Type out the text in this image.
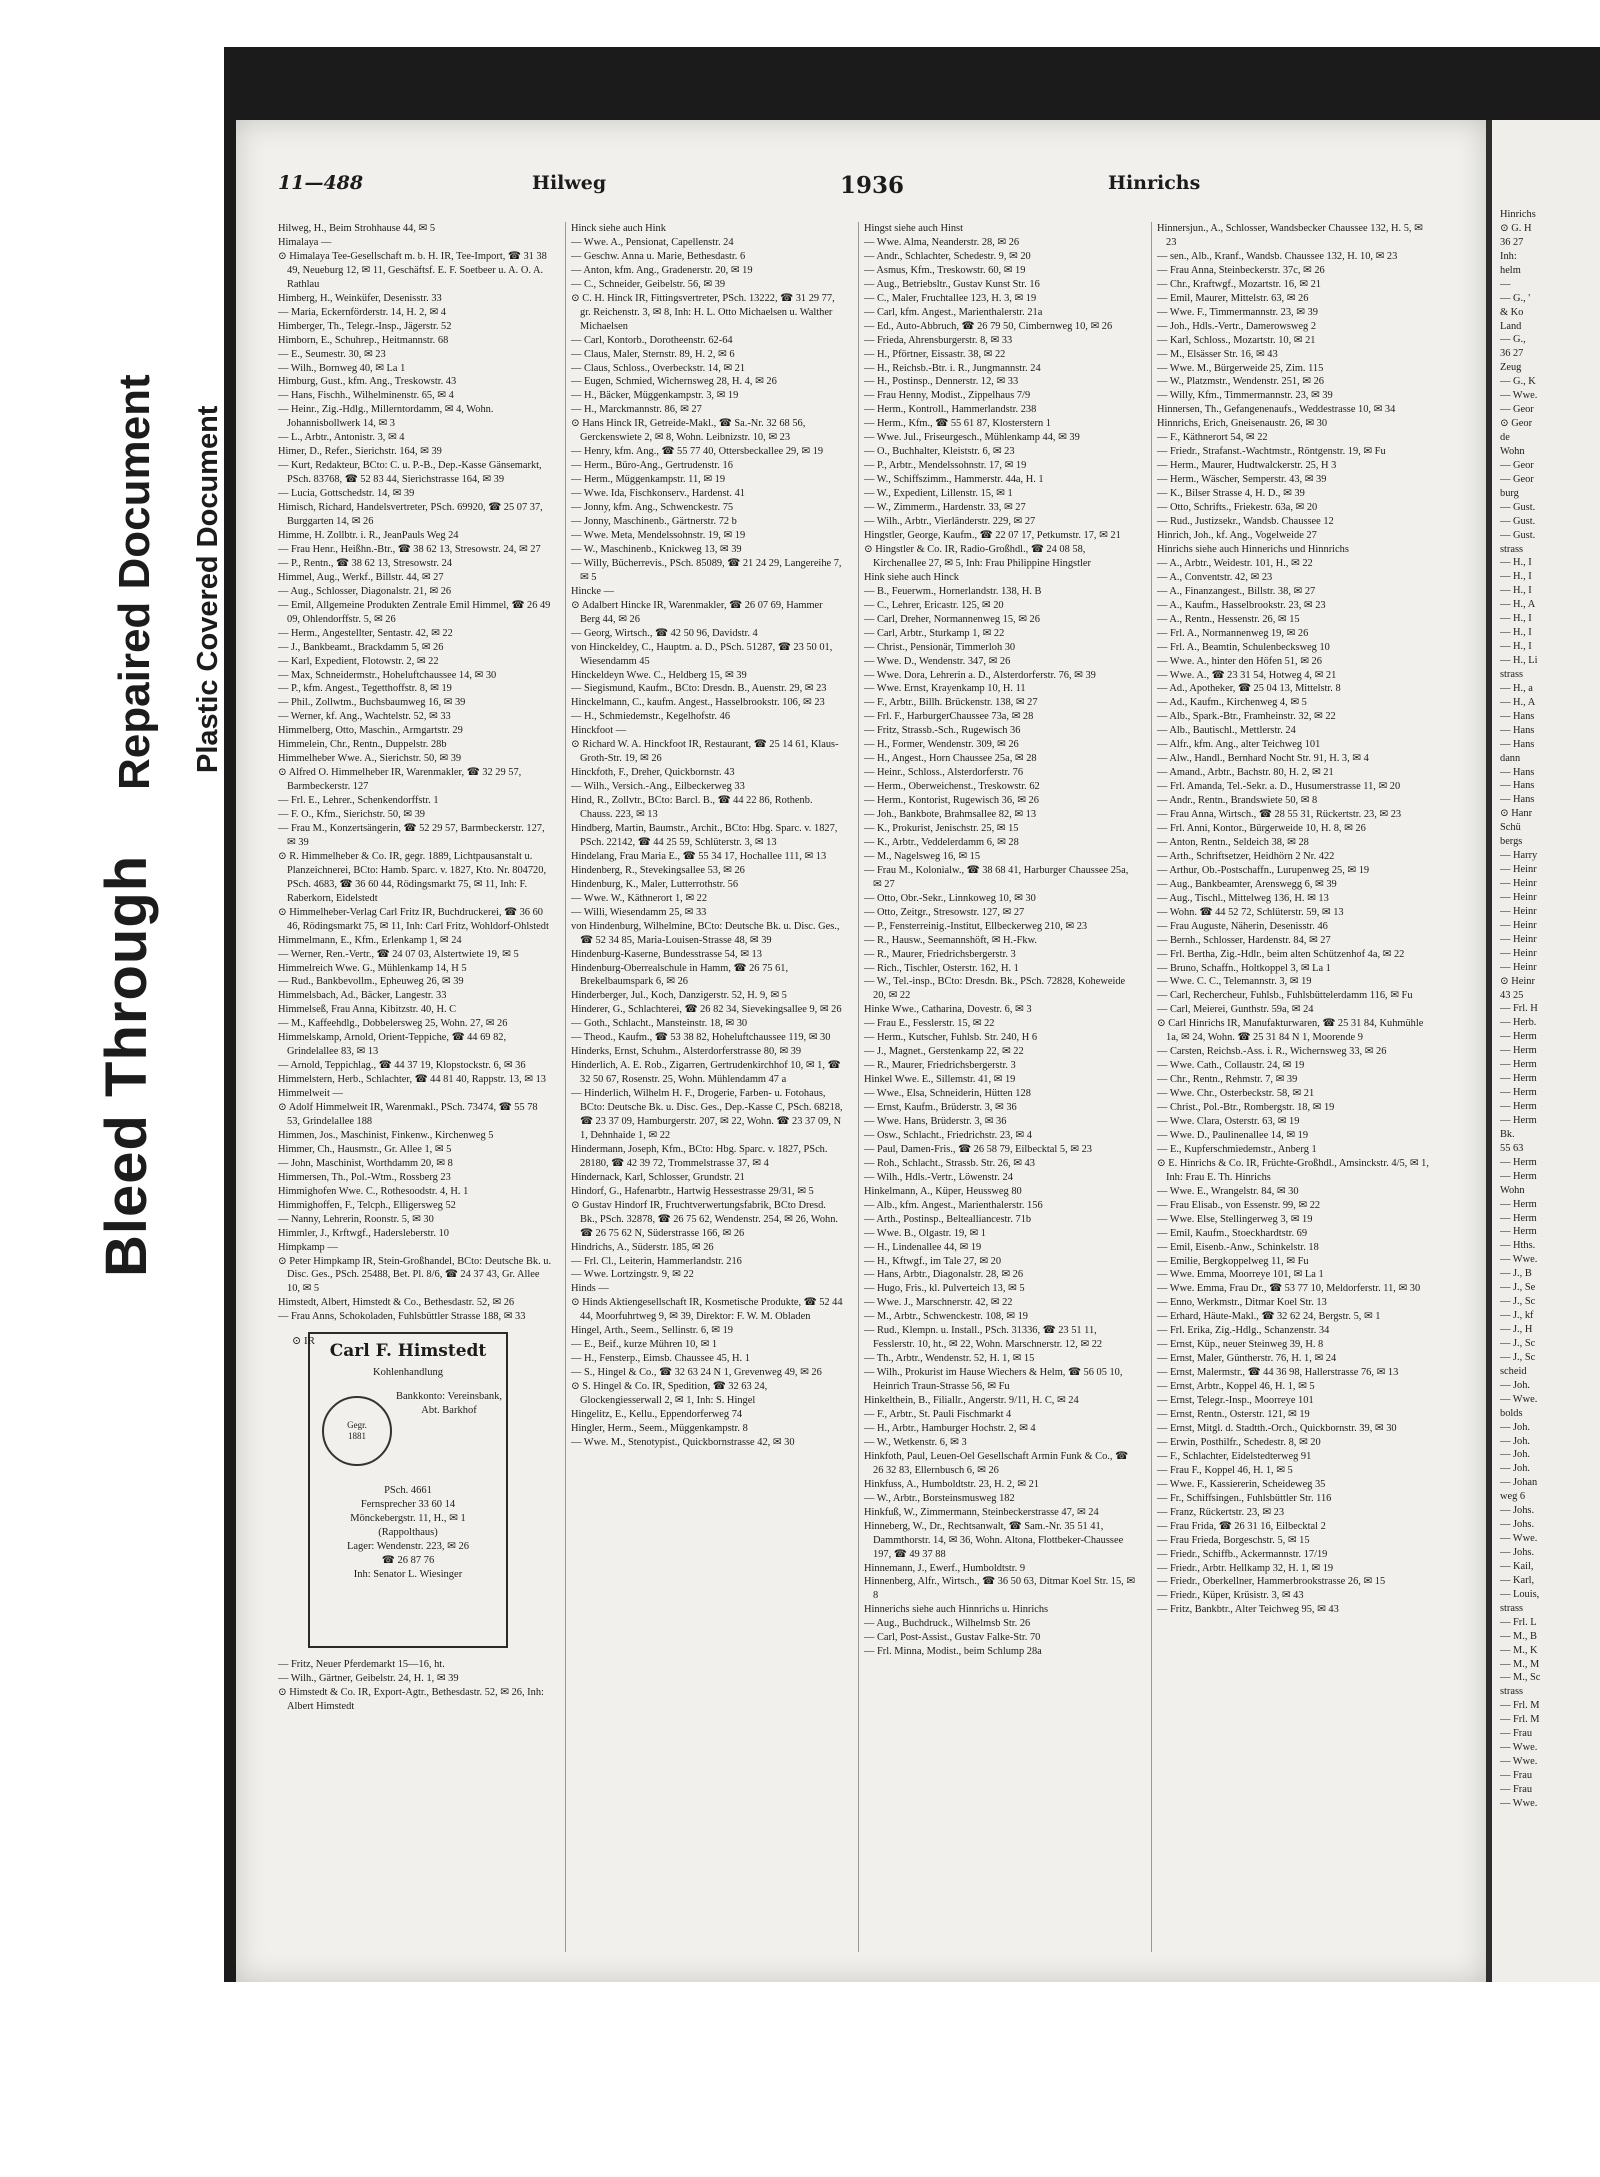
Bleed Through
Repaired Document Plastic Covered Document
11—488	Hilweg	1936	Hinrichs

Hilweg, H., Beim Strohhause 44, ✉ 5

Himalaya —

⊙ Himalaya Tee-Gesellschaft m. b. H. IR, Tee-Import, ☎ 31 38 49, Neueburg 12, ✉ 11, Geschäftsf. E. F. Soetbeer u. A. O. A. Rathlau

Himberg, H., Weinküfer, Desenisstr. 33

— Maria, Eckernförderstr. 14, H. 2, ✉ 4

Himberger, Th., Telegr.-Insp., Jägerstr. 52

Himborn, E., Schuhrep., Heitmannstr. 68

— E., Seumestr. 30, ✉ 23

— Wilh., Bornweg 40, ✉ La 1

Himburg, Gust., kfm. Ang., Treskowstr. 43

— Hans, Fischh., Wilhelminenstr. 65, ✉ 4

— Heinr., Zig.-Hdlg., Millerntordamm, ✉ 4, Wohn. Johannisbollwerk 14, ✉ 3

— L., Arbtr., Antonistr. 3, ✉ 4

Himer, D., Refer., Sierichstr. 164, ✉ 39

— Kurt, Redakteur, BCto: C. u. P.-B., Dep.-Kasse Gänsemarkt, PSch. 83768, ☎ 52 83 44, Sierichstrasse 164, ✉ 39

— Lucia, Gottschedstr. 14, ✉ 39

Himisch, Richard, Handelsvertreter, PSch. 69920, ☎ 25 07 37, Burggarten 14, ✉ 26

Himme, H. Zollbtr. i. R., JeanPauls Weg 24

— Frau Henr., Heißhn.-Btr., ☎ 38 62 13, Stresowstr. 24, ✉ 27

— P., Rentn., ☎ 38 62 13, Stresowstr. 24

Himmel, Aug., Werkf., Billstr. 44, ✉ 27

— Aug., Schlosser, Diagonalstr. 21, ✉ 26

— Emil, Allgemeine Produkten Zentrale Emil Himmel, ☎ 26 49 09, Ohlendorffstr. 5, ✉ 26

— Herm., Angestellter, Sentastr. 42, ✉ 22

— J., Bankbeamt., Brackdamm 5, ✉ 26

— Karl, Expedient, Flotowstr. 2, ✉ 22

— Max, Schneidermstr., Hoheluftchaussee 14, ✉ 30

— P., kfm. Angest., Tegetthoffstr. 8, ✉ 19

— Phil., Zollwtm., Buchsbaumweg 16, ✉ 39

— Werner, kf. Ang., Wachtelstr. 52, ✉ 33

Himmelberg, Otto, Maschin., Armgartstr. 29

Himmelein, Chr., Rentn., Duppelstr. 28b

Himmelheber Wwe. A., Sierichstr. 50, ✉ 39

⊙ Alfred O. Himmelheber IR, Warenmakler, ☎ 32 29 57, Barmbeckerstr. 127

— Frl. E., Lehrer., Schenkendorffstr. 1

— F. O., Kfm., Sierichstr. 50, ✉ 39

— Frau M., Konzertsängerin, ☎ 52 29 57, Barmbeckerstr. 127, ✉ 39

⊙ R. Himmelheber & Co. IR, gegr. 1889, Lichtpausanstalt u. Planzeichnerei, BCto: Hamb. Sparc. v. 1827, Kto. Nr. 804720, PSch. 4683, ☎ 36 60 44, Rödingsmarkt 75, ✉ 11, Inh: F. Raberkorn, Eidelstedt

⊙ Himmelheber-Verlag Carl Fritz IR, Buchdruckerei, ☎ 36 60 46, Rödingsmarkt 75, ✉ 11, Inh: Carl Fritz, Wohldorf-Ohlstedt

Himmelmann, E., Kfm., Erlenkamp 1, ✉ 24

— Werner, Ren.-Vertr., ☎ 24 07 03, Alstertwiete 19, ✉ 5

Himmelreich Wwe. G., Mühlenkamp 14, H 5

— Rud., Bankbevollm., Epheuweg 26, ✉ 39

Himmelsbach, Ad., Bäcker, Langestr. 33

Himmelseß, Frau Anna, Kibitzstr. 40, H. C

— M., Kaffeehdlg., Dobbelersweg 25, Wohn. 27, ✉ 26

Himmelskamp, Arnold, Orient-Teppiche, ☎ 44 69 82, Grindelallee 83, ✉ 13

— Arnold, Teppichlag., ☎ 44 37 19, Klopstockstr. 6, ✉ 36

Himmelstern, Herb., Schlachter, ☎ 44 81 40, Rappstr. 13, ✉ 13

Himmelweit —

⊙ Adolf Himmelweit IR, Warenmakl., PSch. 73474, ☎ 55 78 53, Grindelallee 188

Himmen, Jos., Maschinist, Finkenw., Kirchenweg 5

Himmer, Ch., Hausmstr., Gr. Allee 1, ✉ 5

— John, Maschinist, Worthdamm 20, ✉ 8

Himmersen, Th., Pol.-Wtm., Rossberg 23

Himmighofen Wwe. C., Rothesoodstr. 4, H. 1

Himmighoffen, F., Telcph., Elligersweg 52

— Nanny, Lehrerin, Roonstr. 5, ✉ 30

Himmler, J., Krftwgf., Hadersleberstr. 10

Himpkamp —

⊙ Peter Himpkamp IR, Stein-Großhandel, BCto: Deutsche Bk. u. Disc. Ges., PSch. 25488, Bet. Pl. 8/6, ☎ 24 37 43, Gr. Allee 10, ✉ 5

Himstedt, Albert, Himstedt & Co., Bethesdastr. 52, ✉ 26

— Frau Anns, Schokoladen, Fuhlsbüttler Strasse 188, ✉ 33

⊙ IR Carl F. Himstedt
Kohlenhandlung
Gegr.
1881
Bankkonto: Vereinsbank, Abt. Barkhof
PSch. 4661
Fernsprecher 33 60 14
Mönckebergstr. 11, H., ✉ 1
(Rappolthaus)
Lager: Wendenstr. 223, ✉ 26
☎ 26 87 76
Inh: Senator L. Wiesinger

— Fritz, Neuer Pferdemarkt 15—16, ht.

— Wilh., Gärtner, Geibelstr. 24, H. 1, ✉ 39

⊙ Himstedt & Co. IR, Export-Agtr., Bethesdastr. 52, ✉ 26, Inh: Albert Himstedt

Hinck siehe auch Hink

— Wwe. A., Pensionat, Capellenstr. 24

— Geschw. Anna u. Marie, Bethesdastr. 6

— Anton, kfm. Ang., Gradenerstr. 20, ✉ 19

— C., Schneider, Geibelstr. 56, ✉ 39

⊙ C. H. Hinck IR, Fittingsvertreter, PSch. 13222, ☎ 31 29 77, gr. Reichenstr. 3, ✉ 8, Inh: H. L. Otto Michaelsen u. Walther Michaelsen

— Carl, Kontorb., Dorotheenstr. 62-64

— Claus, Maler, Sternstr. 89, H. 2, ✉ 6

— Claus, Schloss., Overbeckstr. 14, ✉ 21

— Eugen, Schmied, Wichernsweg 28, H. 4, ✉ 26

— H., Bäcker, Müggenkampstr. 3, ✉ 19

— H., Marckmannstr. 86, ✉ 27

⊙ Hans Hinck IR, Getreide-Makl., ☎ Sa.-Nr. 32 68 56, Gerckenswiete 2, ✉ 8, Wohn. Leibnizstr. 10, ✉ 23

— Henry, kfm. Ang., ☎ 55 77 40, Ottersbeckallee 29, ✉ 19

— Herm., Büro-Ang., Gertrudenstr. 16

— Herm., Müggenkampstr. 11, ✉ 19

— Wwe. Ida, Fischkonserv., Hardenst. 41

— Jonny, kfm. Ang., Schwenckestr. 75

— Jonny, Maschinenb., Gärtnerstr. 72 b

— Wwe. Meta, Mendelssohnstr. 19, ✉ 19

— W., Maschinenb., Knickweg 13, ✉ 39

— Willy, Bücherrevis., PSch. 85089, ☎ 21 24 29, Langereihe 7, ✉ 5

Hincke —

⊙ Adalbert Hincke IR, Warenmakler, ☎ 26 07 69, Hammer Berg 44, ✉ 26

— Georg, Wirtsch., ☎ 42 50 96, Davidstr. 4

von Hinckeldey, C., Hauptm. a. D., PSch. 51287, ☎ 23 50 01, Wiesendamm 45

Hinckeldeyn Wwe. C., Heldberg 15, ✉ 39

— Siegismund, Kaufm., BCto: Dresdn. B., Auenstr. 29, ✉ 23

Hinckelmann, C., kaufm. Angest., Hasselbrookstr. 106, ✉ 23

— H., Schmiedemstr., Kegelhofstr. 46

Hinckfoot —

⊙ Richard W. A. Hinckfoot IR, Restaurant, ☎ 25 14 61, Klaus-Groth-Str. 19, ✉ 26

Hinckfoth, F., Dreher, Quickbornstr. 43

— Wilh., Versich.-Ang., Eilbeckerweg 33

Hind, R., Zollvtr., BCto: Barcl. B., ☎ 44 22 86, Rothenb. Chauss. 223, ✉ 13

Hindberg, Martin, Baumstr., Archit., BCto: Hbg. Sparc. v. 1827, PSch. 22142, ☎ 44 25 59, Schlüterstr. 3, ✉ 13

Hindelang, Frau Maria E., ☎ 55 34 17, Hochallee 111, ✉ 13

Hindenberg, R., Stevekingsallee 53, ✉ 26

Hindenburg, K., Maler, Lutterrothstr. 56

— Wwe. W., Käthnerort 1, ✉ 22

— Willi, Wiesendamm 25, ✉ 33

von Hindenburg, Wilhelmine, BCto: Deutsche Bk. u. Disc. Ges., ☎ 52 34 85, Maria-Louisen-Strasse 48, ✉ 39

Hindenburg-Kaserne, Bundesstrasse 54, ✉ 13

Hindenburg-Oberrealschule in Hamm, ☎ 26 75 61, Brekelbaumspark 6, ✉ 26

Hinderberger, Jul., Koch, Danzigerstr. 52, H. 9, ✉ 5

Hinderer, G., Schlachterei, ☎ 26 82 34, Sievekingsallee 9, ✉ 26

— Goth., Schlacht., Mansteinstr. 18, ✉ 30

— Theod., Kaufm., ☎ 53 38 82, Hoheluftchaussee 119, ✉ 30

Hinderks, Ernst, Schuhm., Alsterdorferstrasse 80, ✉ 39

Hinderlich, A. E. Rob., Zigarren, Gertrudenkirchhof 10, ✉ 1, ☎ 32 50 67, Rosenstr. 25, Wohn. Mühlendamm 47 a

— Hinderlich, Wilhelm H. F., Drogerie, Farben- u. Fotohaus, BCto: Deutsche Bk. u. Disc. Ges., Dep.-Kasse C, PSch. 68218, ☎ 23 37 09, Hamburgerstr. 207, ✉ 22, Wohn. ☎ 23 37 09, N 1, Dehnhaide 1, ✉ 22

Hindermann, Joseph, Kfm., BCto: Hbg. Sparc. v. 1827, PSch. 28180, ☎ 42 39 72, Trommelstrasse 37, ✉ 4

Hindernack, Karl, Schlosser, Grundstr. 21

Hindorf, G., Hafenarbtr., Hartwig Hessestrasse 29/31, ✉ 5

⊙ Gustav Hindorf IR, Fruchtverwertungsfabrik, BCto Dresd. Bk., PSch. 32878, ☎ 26 75 62, Wendenstr. 254, ✉ 26, Wohn. ☎ 26 75 62 N, Süderstrasse 166, ✉ 26

Hindrichs, A., Süderstr. 185, ✉ 26

— Frl. Cl., Leiterin, Hammerlandstr. 216

— Wwe. Lortzingstr. 9, ✉ 22

Hinds —

⊙ Hinds Aktiengesellschaft IR, Kosmetische Produkte, ☎ 52 44 44, Moorfuhrtweg 9, ✉ 39, Direktor: F. W. M. Obladen

Hingel, Arth., Seem., Sellinstr. 6, ✉ 19

— E., Beif., kurze Mühren 10, ✉ 1

— H., Fensterp., Eimsb. Chaussee 45, H. 1

— S., Hingel & Co., ☎ 32 63 24 N 1, Grevenweg 49, ✉ 26

⊙ S. Hingel & Co. IR, Spedition, ☎ 32 63 24, Glockengiesserwall 2, ✉ 1, Inh: S. Hingel

Hingelitz, E., Kellu., Eppendorferweg 74

Hingler, Herm., Seem., Müggenkampstr. 8

— Wwe. M., Stenotypist., Quickbornstrasse 42, ✉ 30

Hingst siehe auch Hinst

— Wwe. Alma, Neanderstr. 28, ✉ 26

— Andr., Schlachter, Schedestr. 9, ✉ 20

— Asmus, Kfm., Treskowstr. 60, ✉ 19

— Aug., Betriebsltr., Gustav Kunst Str. 16

— C., Maler, Fruchtallee 123, H. 3, ✉ 19

— Carl, kfm. Angest., Marienthalerstr. 21a

— Ed., Auto-Abbruch, ☎ 26 79 50, Cimbernweg 10, ✉ 26

— Frieda, Ahrensburgerstr. 8, ✉ 33

— H., Pförtner, Eissastr. 38, ✉ 22

— H., Reichsb.-Btr. i. R., Jungmannstr. 24

— H., Postinsp., Dennerstr. 12, ✉ 33

— Frau Henny, Modist., Zippelhaus 7/9

— Herm., Kontroll., Hammerlandstr. 238

— Herm., Kfm., ☎ 55 61 87, Klosterstern 1

— Wwe. Jul., Friseurgesch., Mühlenkamp 44, ✉ 39

— O., Buchhalter, Kleiststr. 6, ✉ 23

— P., Arbtr., Mendelssohnstr. 17, ✉ 19

— W., Schiffszimm., Hammerstr. 44a, H. 1

— W., Expedient, Lillenstr. 15, ✉ 1

— W., Zimmerm., Hardenstr. 33, ✉ 27

— Wilh., Arbtr., Vierländerstr. 229, ✉ 27

Hingstler, George, Kaufm., ☎ 22 07 17, Petkumstr. 17, ✉ 21

⊙ Hingstler & Co. IR, Radio-Großhdl., ☎ 24 08 58, Kirchenallee 27, ✉ 5, Inh: Frau Philippine Hingstler

Hink siehe auch Hinck

— B., Feuerwm., Hornerlandstr. 138, H. B

— C., Lehrer, Ericastr. 125, ✉ 20

— Carl, Dreher, Normannenweg 15, ✉ 26

— Carl, Arbtr., Sturkamp 1, ✉ 22

— Christ., Pensionär, Timmerloh 30

— Wwe. D., Wendenstr. 347, ✉ 26

— Wwe. Dora, Lehrerin a. D., Alsterdorferstr. 76, ✉ 39

— Wwe. Ernst, Krayenkamp 10, H. 11

— F., Arbtr., Billh. Brückenstr. 138, ✉ 27

— Frl. F., HarburgerChaussee 73a, ✉ 28

— Fritz, Strassb.-Sch., Rugewisch 36

— H., Former, Wendenstr. 309, ✉ 26

— H., Angest., Horn Chaussee 25a, ✉ 28

— Heinr., Schloss., Alsterdorferstr. 76

— Herm., Oberweichenst., Treskowstr. 62

— Herm., Kontorist, Rugewisch 36, ✉ 26

— Joh., Bankbote, Brahmsallee 82, ✉ 13

— K., Prokurist, Jenischstr. 25, ✉ 15

— K., Arbtr., Veddelerdamm 6, ✉ 28

— M., Nagelsweg 16, ✉ 15

— Frau M., Kolonialw., ☎ 38 68 41, Harburger Chaussee 25a, ✉ 27

— Otto, Obr.-Sekr., Linnkoweg 10, ✉ 30

— Otto, Zeitgr., Stresowstr. 127, ✉ 27

— P., Fensterreinig.-Institut, Ellbeckerweg 210, ✉ 23

— R., Hausw., Seemannshöft, ✉ H.-Fkw.

— R., Maurer, Friedrichsbergerstr. 3

— Rich., Tischler, Osterstr. 162, H. 1

— W., Tel.-insp., BCto: Dresdn. Bk., PSch. 72828, Koheweide 20, ✉ 22

Hinke Wwe., Catharina, Dovestr. 6, ✉ 3

— Frau E., Fesslerstr. 15, ✉ 22

— Herm., Kutscher, Fuhlsb. Str. 240, H 6

— J., Magnet., Gerstenkamp 22, ✉ 22

— R., Maurer, Friedrichsbergerstr. 3

Hinkel Wwe. E., Sillemstr. 41, ✉ 19

— Wwe., Elsa, Schneiderin, Hütten 128

— Ernst, Kaufm., Brüderstr. 3, ✉ 36

— Wwe. Hans, Brüderstr. 3, ✉ 36

— Osw., Schlacht., Friedrichstr. 23, ✉ 4

— Paul, Damen-Fris., ☎ 26 58 79, Eilbecktal 5, ✉ 23

— Roh., Schlacht., Strassb. Str. 26, ✉ 43

— Wilh., Hdls.-Vertr., Löwenstr. 24

Hinkelmann, A., Küper, Heussweg 80

— Alb., kfm. Angest., Marienthalerstr. 156

— Arth., Postinsp., Beltealliancestr. 71b

— Wwe. B., Olgastr. 19, ✉ 1

— H., Lindenallee 44, ✉ 19

— H., Kftwgf., im Tale 27, ✉ 20

— Hans, Arbtr., Diagonalstr. 28, ✉ 26

— Hugo, Fris., kl. Pulverteich 13, ✉ 5

— Wwe. J., Marschnerstr. 42, ✉ 22

— M., Arbtr., Schwenckestr. 108, ✉ 19

— Rud., Klempn. u. Install., PSch. 31336, ☎ 23 51 11, Fesslerstr. 10, ht., ✉ 22, Wohn. Marschnerstr. 12, ✉ 22

— Th., Arbtr., Wendenstr. 52, H. 1, ✉ 15

— Wilh., Prokurist im Hause Wiechers & Helm, ☎ 56 05 10, Heinrich Traun-Strasse 56, ✉ Fu

Hinkelthein, B., Filiallr., Angerstr. 9/11, H. C, ✉ 24

— F., Arbtr., St. Pauli Fischmarkt 4

— H., Arbtr., Hamburger Hochstr. 2, ✉ 4

— W., Wetkenstr. 6, ✉ 3

Hinkfoth, Paul, Leuen-Oel Gesellschaft Armin Funk & Co., ☎ 26 32 83, Ellernbusch 6, ✉ 26

Hinkfuss, A., Humboldtstr. 23, H. 2, ✉ 21

— W., Arbtr., Borsteinsmusweg 182

Hinkfuß, W., Zimmermann, Steinbeckerstrasse 47, ✉ 24

Hinneberg, W., Dr., Rechtsanwalt, ☎ Sam.-Nr. 35 51 41, Dammthorstr. 14, ✉ 36, Wohn. Altona, Flottbeker-Chaussee 197, ☎ 49 37 88

Hinnemann, J., Ewerf., Humboldtstr. 9

Hinnenberg, Alfr., Wirtsch., ☎ 36 50 63, Ditmar Koel Str. 15, ✉ 8

Hinnerichs siehe auch Hinnrichs u. Hinrichs

— Aug., Buchdruck., Wilhelmsb Str. 26

— Carl, Post-Assist., Gustav Falke-Str. 70

— Frl. Minna, Modist., beim Schlump 28a

Hinnersjun., A., Schlosser, Wandsbecker Chaussee 132, H. 5, ✉ 23

— sen., Alb., Kranf., Wandsb. Chaussee 132, H. 10, ✉ 23

— Frau Anna, Steinbeckerstr. 37c, ✉ 26

— Chr., Kraftwgf., Mozartstr. 16, ✉ 21

— Emil, Maurer, Mittelstr. 63, ✉ 26

— Wwe. F., Timmermannstr. 23, ✉ 39

— Joh., Hdls.-Vertr., Damerowsweg 2

— Karl, Schloss., Mozartstr. 10, ✉ 21

— M., Elsässer Str. 16, ✉ 43

— Wwe. M., Bürgerweide 25, Zim. 115

— W., Platzmstr., Wendenstr. 251, ✉ 26

— Willy, Kfm., Timmermannstr. 23, ✉ 39

Hinnersen, Th., Gefangenenaufs., Weddestrasse 10, ✉ 34

Hinnrichs, Erich, Gneisenaustr. 26, ✉ 30

— F., Käthnerort 54, ✉ 22

— Friedr., Strafanst.-Wachtmstr., Röntgenstr. 19, ✉ Fu

— Herm., Maurer, Hudtwalckerstr. 25, H 3

— Herm., Wäscher, Semperstr. 43, ✉ 39

— K., Bilser Strasse 4, H. D., ✉ 39

— Otto, Schrifts., Friekestr. 63a, ✉ 20

— Rud., Justizsekr., Wandsb. Chaussee 12

Hinrich, Joh., kf. Ang., Vogelweide 27

Hinrichs siehe auch Hinnerichs und Hinnrichs

— A., Arbtr., Weidestr. 101, H., ✉ 22

— A., Conventstr. 42, ✉ 23

— A., Finanzangest., Billstr. 38, ✉ 27

— A., Kaufm., Hasselbrookstr. 23, ✉ 23

— A., Rentn., Hessenstr. 26, ✉ 15

— Frl. A., Normannenweg 19, ✉ 26

— Frl. A., Beamtin, Schulenbecksweg 10

— Wwe. A., hinter den Höfen 51, ✉ 26

— Wwe. A., ☎ 23 31 54, Hotweg 4, ✉ 21

— Ad., Apotheker, ☎ 25 04 13, Mittelstr. 8

— Ad., Kaufm., Kirchenweg 4, ✉ 5

— Alb., Spark.-Btr., Framheinstr. 32, ✉ 22

— Alb., Bautischl., Mettlerstr. 24

— Alfr., kfm. Ang., alter Teichweg 101

— Alw., Handl., Bernhard Nocht Str. 91, H. 3, ✉ 4

— Amand., Arbtr., Bachstr. 80, H. 2, ✉ 21

— Frl. Amanda, Tel.-Sekr. a. D., Husumerstrasse 11, ✉ 20

— Andr., Rentn., Brandswiete 50, ✉ 8

— Frau Anna, Wirtsch., ☎ 28 55 31, Rückertstr. 23, ✉ 23

— Frl. Anni, Kontor., Bürgerweide 10, H. 8, ✉ 26

— Anton, Rentn., Seldeich 38, ✉ 28

— Arth., Schriftsetzer, Heidhörn 2 Nr. 422

— Arthur, Ob.-Postschaffn., Lurupenweg 25, ✉ 19

— Aug., Bankbeamter, Arenswegg 6, ✉ 39

— Aug., Tischl., Mittelweg 136, H. ✉ 13

— Wohn. ☎ 44 52 72, Schlüterstr. 59, ✉ 13

— Frau Auguste, Näherin, Desenisstr. 46

— Bernh., Schlosser, Hardenstr. 84, ✉ 27

— Frl. Bertha, Zig.-Hdlr., beim alten Schützenhof 4a, ✉ 22

— Bruno, Schaffn., Holtkoppel 3, ✉ La 1

— Wwe. C. C., Telemannstr. 3, ✉ 19

— Carl, Rechercheur, Fuhlsb., Fuhlsbüttelerdamm 116, ✉ Fu

— Carl, Meierei, Gunthstr. 59a, ✉ 24

⊙ Carl Hinrichs IR, Manufakturwaren, ☎ 25 31 84, Kuhmühle 1a, ✉ 24, Wohn. ☎ 25 31 84 N 1, Moorende 9

— Carsten, Reichsb.-Ass. i. R., Wichernsweg 33, ✉ 26

— Wwe. Cath., Collaustr. 24, ✉ 19

— Chr., Rentn., Rehmstr. 7, ✉ 39

— Wwe. Chr., Osterbeckstr. 58, ✉ 21

— Christ., Pol.-Btr., Rombergstr. 18, ✉ 19

— Wwe. Clara, Osterstr. 63, ✉ 19

— Wwe. D., Paulinenallee 14, ✉ 19

— E., Kupferschmiedemstr., Anberg 1

⊙ E. Hinrichs & Co. IR, Früchte-Großhdl., Amsinckstr. 4/5, ✉ 1, Inh: Frau E. Th. Hinrichs

— Wwe. E., Wrangelstr. 84, ✉ 30

— Frau Elisab., von Essenstr. 99, ✉ 22

— Wwe. Else, Stellingerweg 3, ✉ 19

— Emil, Kaufm., Stoeckhardtstr. 69

— Emil, Eisenb.-Anw., Schinkelstr. 18

— Emilie, Bergkoppelweg 11, ✉ Fu

— Wwe. Emma, Moorreye 101, ✉ La 1

— Wwe. Emma, Frau Dr., ☎ 53 77 10, Meldorferstr. 11, ✉ 30

— Enno, Werkmstr., Ditmar Koel Str. 13

— Erhard, Häute-Makl., ☎ 32 62 24, Bergstr. 5, ✉ 1

— Frl. Erika, Zig.-Hdlg., Schanzenstr. 34

— Ernst, Küp., neuer Steinweg 39, H. 8

— Ernst, Maler, Güntherstr. 76, H. 1, ✉ 24

— Ernst, Malermstr., ☎ 44 36 98, Hallerstrasse 76, ✉ 13

— Ernst, Arbtr., Koppel 46, H. 1, ✉ 5

— Ernst, Telegr.-Insp., Moorreye 101

— Ernst, Rentn., Osterstr. 121, ✉ 19

— Ernst, Mitgl. d. Stadtth.-Orch., Quickbornstr. 39, ✉ 30

— Erwin, Posthilfr., Schedestr. 8, ✉ 20

— F., Schlachter, Eidelstedterweg 91

— Frau F., Koppel 46, H. 1, ✉ 5

— Wwe. F., Kassiererin, Scheideweg 35

— Fr., Schiffsingen., Fuhlsbüttler Str. 116

— Franz, Rückertstr. 23, ✉ 23

— Frau Frida, ☎ 26 31 16, Eilbecktal 2

— Frau Frieda, Borgeschstr. 5, ✉ 15

— Friedr., Schiffb., Ackermannstr. 17/19

— Friedr., Arbtr. Hellkamp 32, H. 1, ✉ 19

— Friedr., Oberkellner, Hammerbrookstrasse 26, ✉ 15

— Friedr., Küper, Krüsistr. 3, ✉ 43

— Fritz, Bankbtr., Alter Teichweg 95, ✉ 43

Hinrichs
⊙ G. H
36 27
Inh:
helm
—
— G., '
& Ko
Land
— G.,
36 27
Zeug
— G., K
— Wwe.
— Geor
⊙ Geor
de
Wohn
— Geor
— Geor
burg
— Gust.
— Gust.
— Gust.
strass
— H., I
— H., I
— H., I
— H., A
— H., I
— H., I
— H., I
— H., Li
strass
— H., a
— H., A
— Hans
— Hans
— Hans
dann
— Hans
— Hans
— Hans
⊙ Hanr
Schü
bergs
— Harry
— Heinr
— Heinr
— Heinr
— Heinr
— Heinr
— Heinr
— Heinr
— Heinr
⊙ Heinr
43 25
— Frl. H
— Herb.
— Herm
— Herm
— Herm
— Herm
— Herm
— Herm
— Herm
Bk.
55 63
— Herm
— Herm
Wohn
— Herm
— Herm
— Herm
— Hths.
— Wwe.
— J., B
— J., Se
— J., Sc
— J., kf
— J., H
— J., Sc
— J., Sc
scheid
— Joh.
— Wwe.
bolds
— Joh.
— Joh.
— Joh.
— Joh.
— Johan
weg 6
— Johs.
— Johs.
— Wwe.
— Johs.
— Kail,
— Karl,
— Louis,
strass
— Frl. L
— M., B
— M., K
— M., M
— M., Sc
strass
— Frl. M
— Frl. M
— Frau
— Wwe.
— Wwe.
— Frau
— Frau
— Wwe.
